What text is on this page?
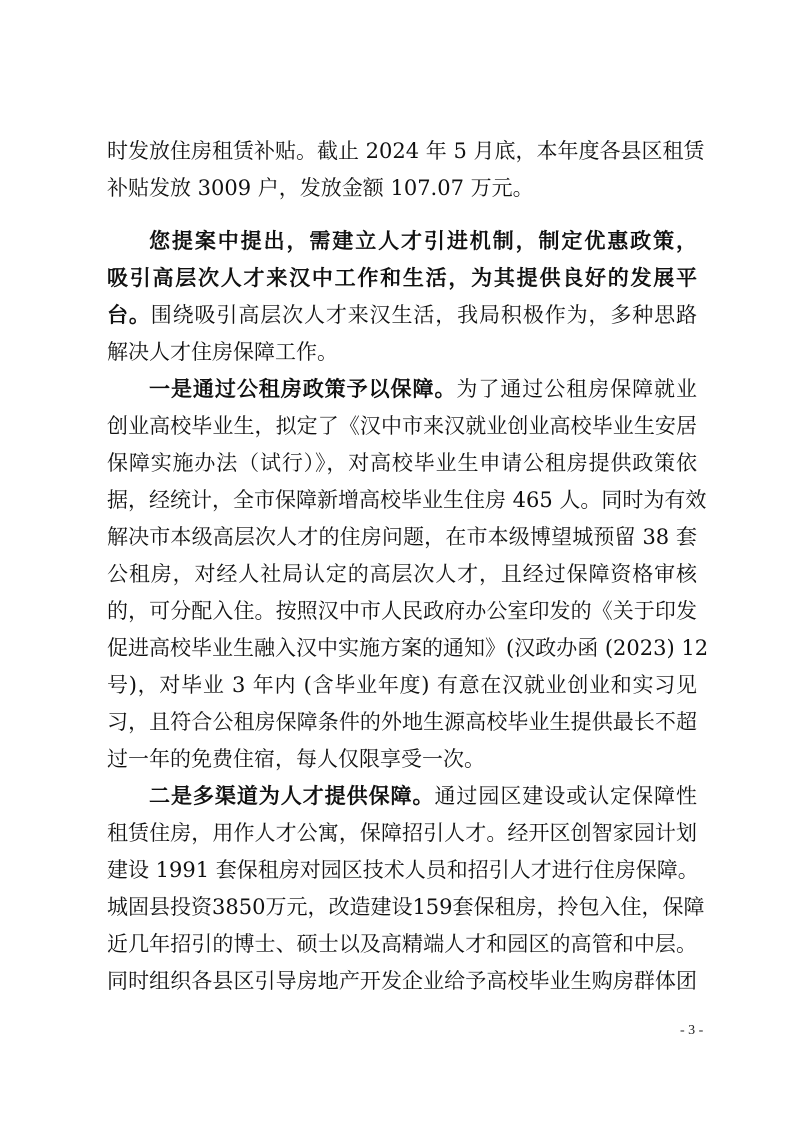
时发放住房租赁补贴。截止 2024 年 5 月底，本年度各县区租赁
补贴发放 3009 户，发放金额 107.07 万元。
您提案中提出，需建立人才引进机制，制定优惠政策，
吸引高层次人才来汉中工作和生活，为其提供良好的发展平
台。围绕吸引高层次人才来汉生活，我局积极作为，多种思路
解决人才住房保障工作。
一是通过公租房政策予以保障。为了通过公租房保障就业
创业高校毕业生，拟定了《汉中市来汉就业创业高校毕业生安居
保障实施办法（试行）》，对高校毕业生申请公租房提供政策依
据，经统计，全市保障新增高校毕业生住房 465 人。同时为有效
解决市本级高层次人才的住房问题，在市本级博望城预留 38 套
公租房，对经人社局认定的高层次人才，且经过保障资格审核
的，可分配入住。按照汉中市人民政府办公室印发的《关于印发
促进高校毕业生融入汉中实施方案的通知》(汉政办函 (2023) 12
号)，对毕业 3 年内 (含毕业年度) 有意在汉就业创业和实习见
习，且符合公租房保障条件的外地生源高校毕业生提供最长不超
过一年的免费住宿，每人仅限享受一次。
二是多渠道为人才提供保障。通过园区建设或认定保障性
租赁住房，用作人才公寓，保障招引人才。经开区创智家园计划
建设 1991 套保租房对园区技术人员和招引人才进行住房保障。
城固县投资3850万元，改造建设159套保租房，拎包入住，保障
近几年招引的博士、硕士以及高精端人才和园区的高管和中层。
同时组织各县区引导房地产开发企业给予高校毕业生购房群体团
- 3 -
